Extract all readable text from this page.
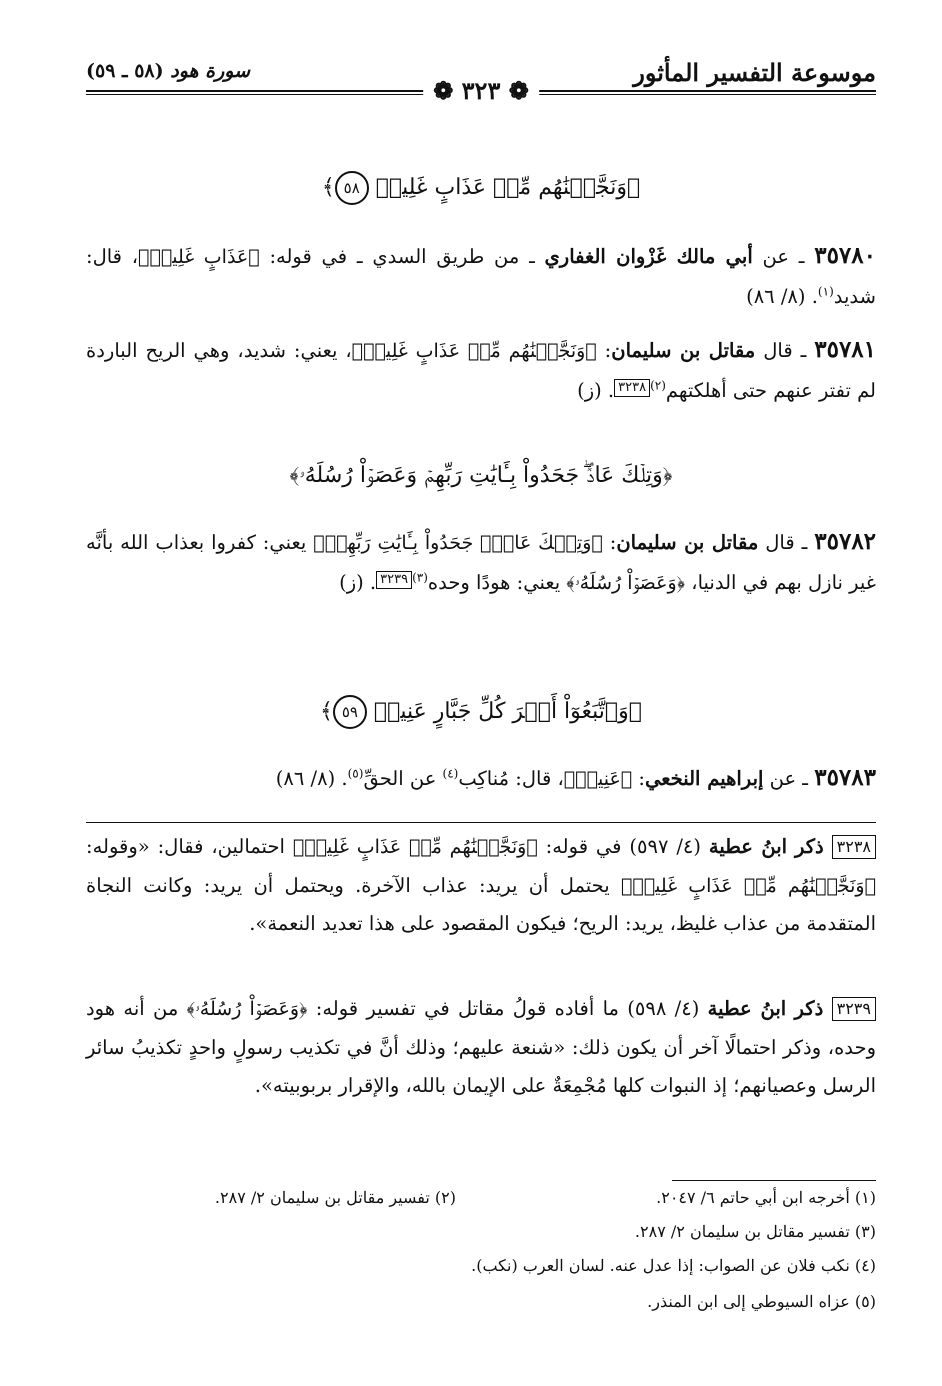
موسوعة التفسير المأثور
سورة هود (٥٨ ـ ٥٩)
❁ ٣٢٣ ❁
﴿وَنَجَّيۡنَٰهُم مِّنۡ عَذَابٍ غَلِيظٖ ٥٨﴾
٣٥٧٨٠ ـ عن أبي مالك غَزْوان الغفاري ـ من طريق السدي ـ في قوله: ﴿عَذَابٍ غَلِيظٖ﴾، قال: شديد$^{(١)}$. (٨/ ٨٦)
٣٥٧٨١ ـ قال مقاتل بن سليمان: ﴿وَنَجَّيۡنَٰهُم مِّنۡ عَذَابٍ غَلِيظٖ﴾، يعني: شديد، وهي الريح الباردة لم تفتر عنهم حتى أهلكتهم$^{(٢)}$٣٢٣٨. (ز)
﴿وَتِلۡكَ عَادٞۖ جَحَدُواْ بِـَٔايَٰتِ رَبِّهِمۡ وَعَصَوۡاْ رُسُلَهُۥ﴾
٣٥٧٨٢ ـ قال مقاتل بن سليمان: ﴿وَتِلۡكَ عَادٞۖ جَحَدُواْ بِـَٔايَٰتِ رَبِّهِمۡ﴾ يعني: كفروا بعذاب الله بأنَّه غير نازل بهم في الدنيا، ﴿وَعَصَوۡاْ رُسُلَهُۥ﴾ يعني: هودًا وحده$^{(٣)}$٣٢٣٩. (ز)
﴿وَٱتَّبَعُوٓاْ أَمۡرَ كُلِّ جَبَّارٍ عَنِيدٖ ٥٩﴾
٣٥٧٨٣ ـ عن إبراهيم النخعي: ﴿عَنِيدٖ﴾، قال: مُناكِب$^{(٤)}$ عن الحقِّ$^{(٥)}$. (٨/ ٨٦)
٣٢٣٨ ذكر ابنُ عطية (٤/ ٥٩٧) في قوله: ﴿وَنَجَّيۡنَٰهُم مِّنۡ عَذَابٍ غَلِيظٖ﴾ احتمالين، فقال: «وقوله: ﴿وَنَجَّيۡنَٰهُم مِّنۡ عَذَابٍ غَلِيظٖ﴾ يحتمل أن يريد: عذاب الآخرة. ويحتمل أن يريد: وكانت النجاة المتقدمة من عذاب غليظ، يريد: الريح؛ فيكون المقصود على هذا تعديد النعمة».
٣٢٣٩ ذكر ابنُ عطية (٤/ ٥٩٨) ما أفاده قولُ مقاتل في تفسير قوله: ﴿وَعَصَوۡاْ رُسُلَهُۥ﴾ من أنه هود وحده، وذكر احتمالًا آخر أن يكون ذلك: «شنعة عليهم؛ وذلك أنَّ في تكذيب رسولٍ واحدٍ تكذيبُ سائر الرسل وعصيانهم؛ إذ النبوات كلها مُجْمِعَةٌ على الإيمان بالله، والإقرار بربوبيته».
(١) أخرجه ابن أبي حاتم ٦/ ٢٠٤٧.
(٢) تفسير مقاتل بن سليمان ٢/ ٢٨٧.
(٣) تفسير مقاتل بن سليمان ٢/ ٢٨٧.
(٤) نكب فلان عن الصواب: إذا عدل عنه. لسان العرب (نكب).
(٥) عزاه السيوطي إلى ابن المنذر.
